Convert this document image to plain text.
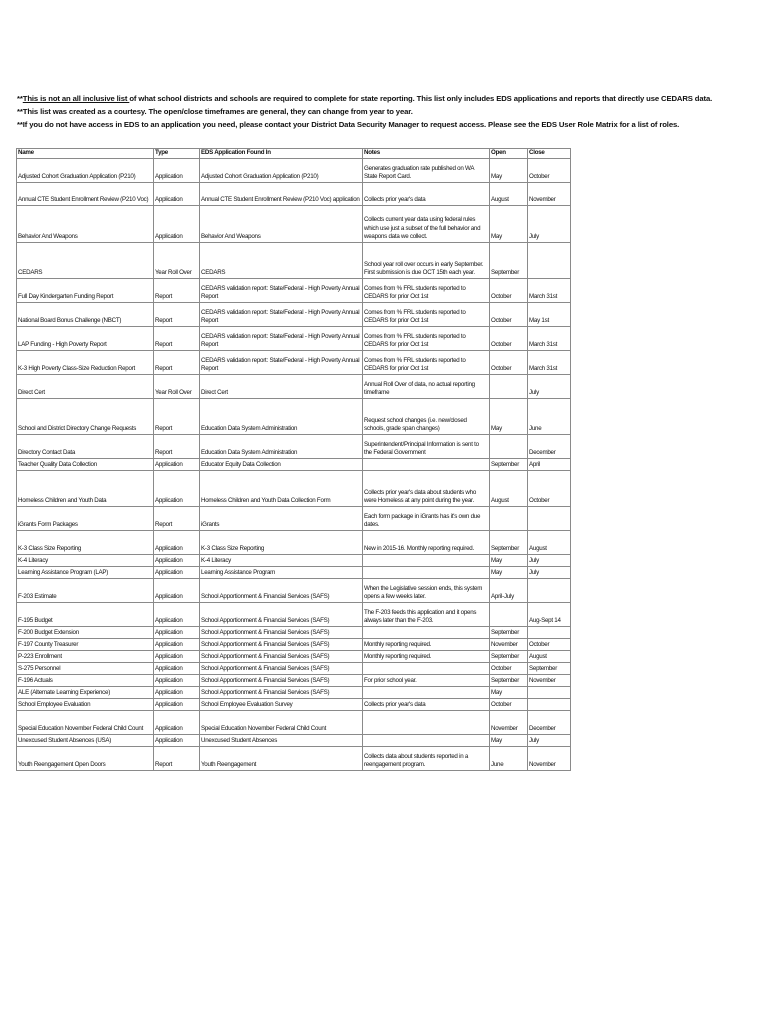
**This is not an all inclusive list of what school districts and schools are required to complete for state reporting. This list only includes EDS applications and reports that directly use CEDARS data.
**This list was created as a courtesy. The open/close timeframes are general, they can change from year to year.
**If you do not have access in EDS to an application you need, please contact your District Data Security Manager to request access. Please see the EDS User Role Matrix for a list of roles.
Name	Type	EDS Application Found In	Notes	Open	Close
Adjusted Cohort Graduation Application (P210)	Application	Adjusted Cohort Graduation Application (P210)	Generates graduation rate published on WA State Report Card.	May	October
Annual CTE Student Enrollment Review (P210 Voc)	Application	Annual CTE Student Enrollment Review (P210 Voc) application	Collects prior year's data	August	November
Behavior And Weapons	Application	Behavior And Weapons	Collects current year data using federal rules which use just a subset of the full behavior and weapons data we collect.	May	July
CEDARS	Year Roll Over	CEDARS	School year roll over occurs in early September. First submission is due OCT 15th each year.	September	
Full Day Kindergarten Funding Report	Report	CEDARS validation report: State/Federal - High Poverty Annual Report	Comes from % FRL students reported to CEDARS for prior Oct 1st	October	March 31st
National Board Bonus Challenge (NBCT)	Report	CEDARS validation report: State/Federal - High Poverty Annual Report	Comes from % FRL students reported to CEDARS for prior Oct 1st	October	May 1st
LAP Funding - High Poverty Report	Report	CEDARS validation report: State/Federal - High Poverty Annual Report	Comes from % FRL students reported to CEDARS for prior Oct 1st	October	March 31st
K-3 High Poverty Class-Size Reduction Report	Report	CEDARS validation report: State/Federal - High Poverty Annual Report	Comes from % FRL students reported to CEDARS for prior Oct 1st	October	March 31st
Direct Cert	Year Roll Over	Direct Cert	Annual Roll Over of data, no actual reporting timeframe		July
School and District Directory Change Requests	Report	Education Data System Administration	Request school changes (i.e. new/closed schools, grade span changes)	May	June
Directory Contact Data	Report	Education Data System Administration	Superintendent/Principal Information is sent to the Federal Government		December
Teacher Quality Data Collection	Application	Educator Equity Data Collection		September	April
Homeless Children and Youth Data	Application	Homeless Children and Youth Data Collection Form	Collects prior year's data about students who were Homeless at any point during the year.	August	October
iGrants Form Packages	Report	iGrants	Each form package in iGrants has it's own due dates.		
K-3 Class Size Reporting	Application	K-3 Class Size Reporting	New in 2015-16. Monthly reporting required.	September	August
K-4 Literacy	Application	K-4 Literacy		May	July
Learning Assistance Program (LAP)	Application	Learning Assistance Program		May	July
F-203 Estimate	Application	School Apportionment & Financial Services (SAFS)	When the Legislative session ends, this system opens a few weeks later.	April-July	
F-195 Budget	Application	School Apportionment & Financial Services (SAFS)	The F-203 feeds this application and it opens always later than the F-203.		Aug-Sept 14
F-200 Budget Extension	Application	School Apportionment & Financial Services (SAFS)		September	
F-197 County Treasurer	Application	School Apportionment & Financial Services (SAFS)	Monthly reporting required.	November	October
P-223 Enrollment	Application	School Apportionment & Financial Services (SAFS)	Monthly reporting required.	September	August
S-275 Personnel	Application	School Apportionment & Financial Services (SAFS)		October	September
F-196 Actuals	Application	School Apportionment & Financial Services (SAFS)	For prior school year.	September	November
ALE (Alternate Learning Experience)	Application	School Apportionment & Financial Services (SAFS)		May	
School Employee Evaluation	Application	School Employee Evaluation Survey	Collects prior year's data	October	
Special Education November Federal Child Count	Application	Special Education November Federal Child Count		November	December
Unexcused Student Absences (USA)	Application	Unexcused Student Absences		May	July
Youth Reengagement Open Doors	Report	Youth Reengagement	Collects data about students reported in a reengagement program.	June	November
